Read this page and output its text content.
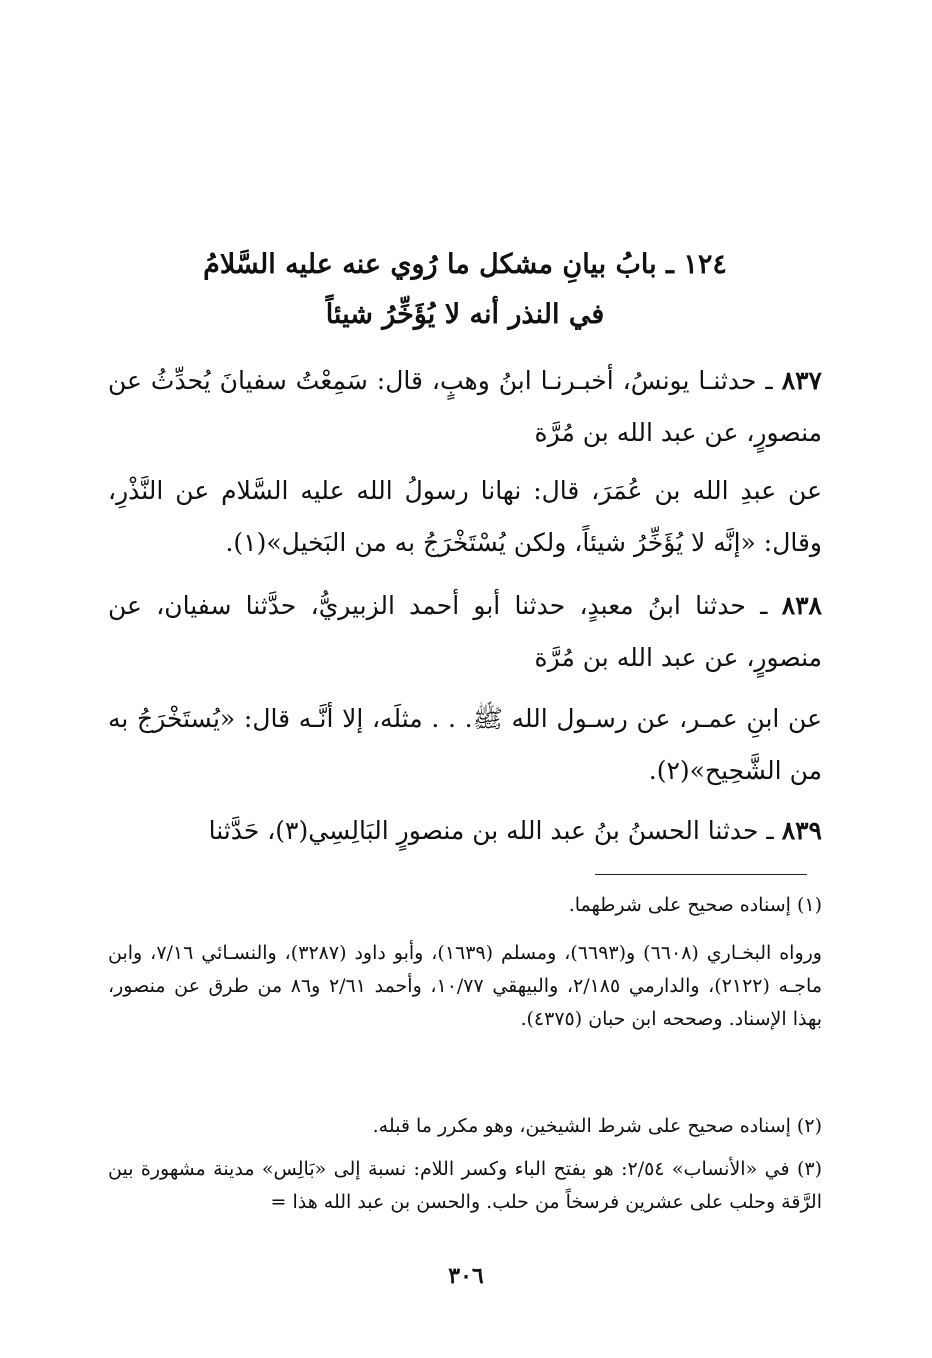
١٢٤ ـ بابُ بيانِ مشكل ما رُوي عنه عليه السَّلامُ
في النذر أنه لا يُؤَخِّرُ شيئاً
٨٣٧ ـ حدثنـا يونسُ، أخبـرنـا ابنُ وهبٍ، قال: سَمِعْتُ سفيانَ يُحدِّثُ عن منصورٍ، عن عبد الله بن مُرَّة
عن عبدِ الله بن عُمَرَ، قال: نهانا رسولُ الله عليه السَّلام عن النَّذْرِ، وقال: «إنَّه لا يُؤَخِّرُ شيئاً، ولكن يُسْتَخْرَجُ به من البَخيل»(١).
٨٣٨ ـ حدثنا ابنُ معبدٍ، حدثنا أبو أحمد الزبيريُّ، حدَّثنا سفيان، عن منصورٍ، عن عبد الله بن مُرَّة
عن ابنِ عمـر، عن رسـول الله ﷺ. . . مثلَه، إلا أنَّـه قال: «يُستَخْرَجُ به من الشَّحِيح»(٢).
٨٣٩ ـ حدثنا الحسنُ بنُ عبد الله بن منصورٍ البَالِسِي(٣)، حَدَّثنا
(١) إسناده صحيح على شرطهما.
ورواه البخـاري (٦٦٠٨) و(٦٦٩٣)، ومسلم (١٦٣٩)، وأبو داود (٣٢٨٧)، والنسـائي ٧/١٦، وابن ماجـه (٢١٢٢)، والدارمي ٢/١٨٥، والبيهقي ١٠/٧٧، وأحمد ٢/٦١ و٨٦ من طرق عن منصور، بهذا الإسناد. وصححه ابن حبان (٤٣٧٥).
(٢) إسناده صحيح على شرط الشيخين، وهو مكرر ما قبله.
(٣) في «الأنساب» ٢/٥٤: هو بفتح الباء وكسر اللام: نسبة إلى «بَالِس» مدينة مشهورة بين الرَّقة وحلب على عشرين فرسخاً من حلب. والحسن بن عبد الله هذا =
٣٠٦
